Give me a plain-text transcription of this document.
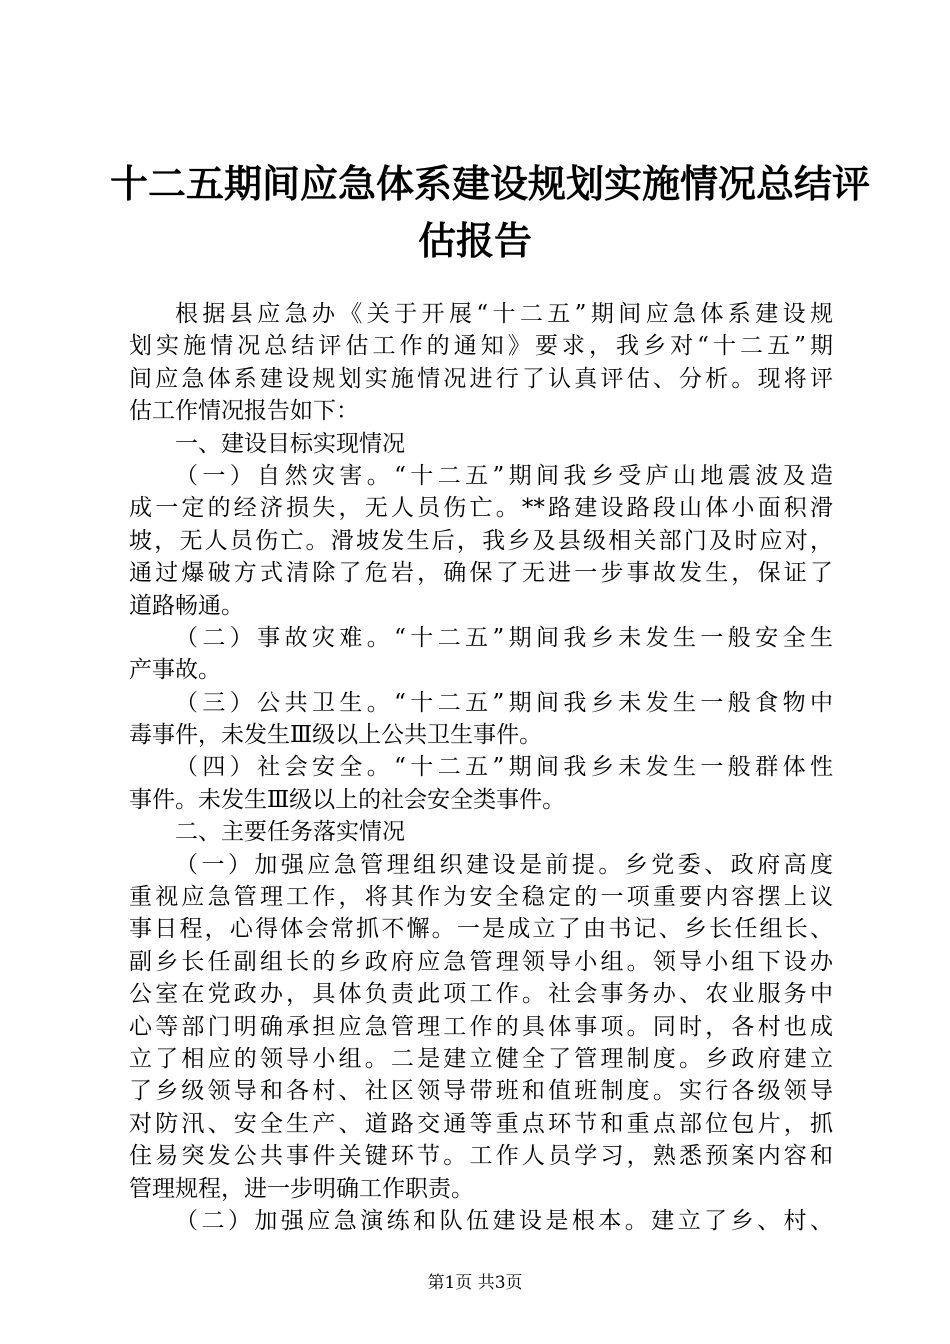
十二五期间应急体系建设规划实施情况总结评
估报告
根据县应急办《关于开展“十二五”期间应急体系建设规
划实施情况总结评估工作的通知》要求，我乡对“十二五”期
间应急体系建设规划实施情况进行了认真评估、分析。现将评
估工作情况报告如下：
一、建设目标实现情况
（一）自然灾害。“十二五”期间我乡受庐山地震波及造
成一定的经济损失，无人员伤亡。**路建设路段山体小面积滑
坡，无人员伤亡。滑坡发生后，我乡及县级相关部门及时应对，
通过爆破方式清除了危岩，确保了无进一步事故发生，保证了
道路畅通。
（二）事故灾难。“十二五”期间我乡未发生一般安全生
产事故。
（三）公共卫生。“十二五”期间我乡未发生一般食物中
毒事件，未发生Ⅲ级以上公共卫生事件。
（四）社会安全。“十二五”期间我乡未发生一般群体性
事件。未发生Ⅲ级以上的社会安全类事件。
二、主要任务落实情况
（一）加强应急管理组织建设是前提。乡党委、政府高度
重视应急管理工作，将其作为安全稳定的一项重要内容摆上议
事日程，心得体会常抓不懈。一是成立了由书记、乡长任组长、
副乡长任副组长的乡政府应急管理领导小组。领导小组下设办
公室在党政办，具体负责此项工作。社会事务办、农业服务中
心等部门明确承担应急管理工作的具体事项。同时，各村也成
立了相应的领导小组。二是建立健全了管理制度。乡政府建立
了乡级领导和各村、社区领导带班和值班制度。实行各级领导
对防汛、安全生产、道路交通等重点环节和重点部位包片，抓
住易突发公共事件关键环节。工作人员学习，熟悉预案内容和
管理规程，进一步明确工作职责。
（二）加强应急演练和队伍建设是根本。建立了乡、村、
第1页 共3页
